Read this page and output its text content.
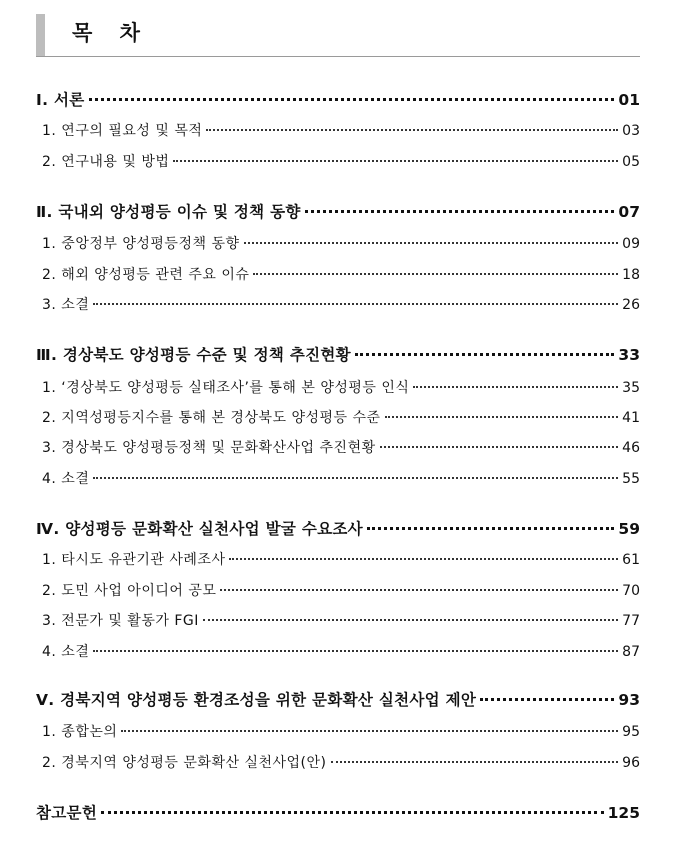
목 차
Ⅰ. 서론	01
1. 연구의 필요성 및 목적	03
2. 연구내용 및 방법	05
Ⅱ. 국내외 양성평등 이슈 및 정책 동향	07
1. 중앙정부 양성평등정책 동향	09
2. 해외 양성평등 관련 주요 이슈	18
3. 소결	26
Ⅲ. 경상북도 양성평등 수준 및 정책 추진현황	33
1. ‘경상북도 양성평등 실태조사’를 통해 본 양성평등 인식	35
2. 지역성평등지수를 통해 본 경상북도 양성평등 수준	41
3. 경상북도 양성평등정책 및 문화확산사업 추진현황	46
4. 소결	55
Ⅳ. 양성평등 문화확산 실천사업 발굴 수요조사	59
1. 타시도 유관기관 사례조사	61
2. 도민 사업 아이디어 공모	70
3. 전문가 및 활동가 FGI	77
4. 소결	87
Ⅴ. 경북지역 양성평등 환경조성을 위한 문화확산 실천사업 제안	93
1. 종합논의	95
2. 경북지역 양성평등 문화확산 실천사업(안)	96
참고문헌	125
